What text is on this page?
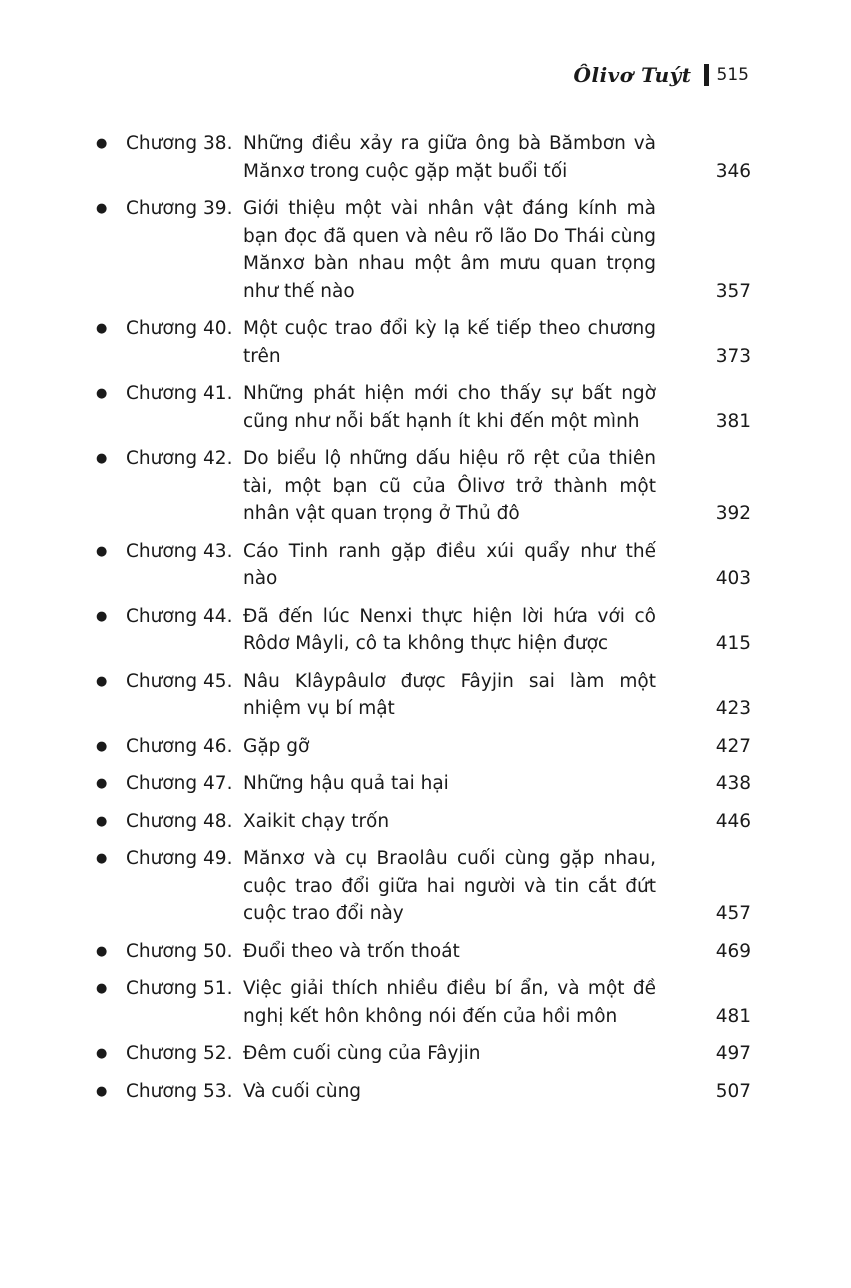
Ôlivơ Tuýt 515
●	Chương 38. Những điều xảy ra giữa ông bà Bămbơn và Mănxơ trong cuộc gặp mặt buổi tối	346
●	Chương 39. Giới thiệu một vài nhân vật đáng kính mà bạn đọc đã quen và nêu rõ lão Do Thái cùng Mănxơ bàn nhau một âm mưu quan trọng như thế nào	357
●	Chương 40. Một cuộc trao đổi kỳ lạ kế tiếp theo chương trên	373
●	Chương 41. Những phát hiện mới cho thấy sự bất ngờ cũng như nỗi bất hạnh ít khi đến một mình	381
●	Chương 42. Do biểu lộ những dấu hiệu rõ rệt của thiên tài, một bạn cũ của Ôlivơ trở thành một nhân vật quan trọng ở Thủ đô	392
●	Chương 43. Cáo Tinh ranh gặp điều xúi quẩy như thế nào	403
●	Chương 44. Đã đến lúc Nenxi thực hiện lời hứa với cô Rôdơ Mâyli, cô ta không thực hiện được	415
●	Chương 45. Nâu Klâypâulơ được Fâyjin sai làm một nhiệm vụ bí mật	423
●	Chương 46. Gặp gỡ	427
●	Chương 47. Những hậu quả tai hại	438
●	Chương 48. Xaikit chạy trốn	446
●	Chương 49. Mănxơ và cụ Braolâu cuối cùng gặp nhau, cuộc trao đổi giữa hai người và tin cắt đứt cuộc trao đổi này	457
●	Chương 50. Đuổi theo và trốn thoát	469
●	Chương 51. Việc giải thích nhiều điều bí ẩn, và một đề nghị kết hôn không nói đến của hồi môn	481
●	Chương 52. Đêm cuối cùng của Fâyjin	497
●	Chương 53. Và cuối cùng	507
